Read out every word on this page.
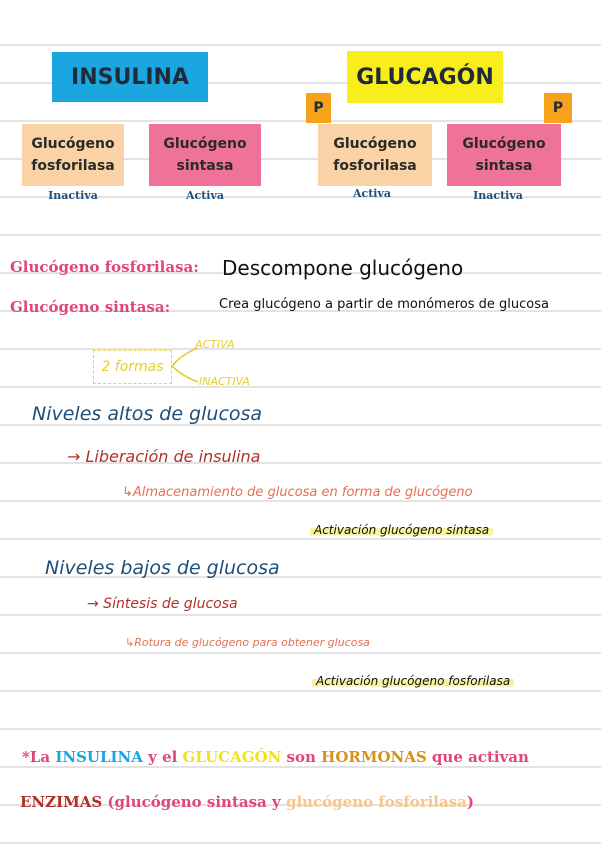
INSULINA
Glucógeno
fosforilasa
Glucógeno
sintasa
Inactiva	Activa
GLUCAGÓN
P	P
Glucógeno
fosforilasa
Glucógeno
sintasa
Activa	Inactiva
Glucógeno fosforilasa: Descompone glucógeno
Glucógeno sintasa:	Crea glucógeno a partir de monómeros de glucosa
2 formas
ACTIVA
INACTIVA
Niveles altos de glucosa
→ Liberación de insulina
↳Almacenamiento de glucosa en forma de glucógeno
Activación glucógeno sintasa
Niveles bajos de glucosa
→ Síntesis de glucosa
↳Rotura de glucógeno para obtener glucosa
Activación glucógeno fosforilasa
*La INSULINA y el GLUCAGÓN son HORMONAS que activan
ENZIMAS (glucógeno sintasa y glucógeno fosforilasa)
